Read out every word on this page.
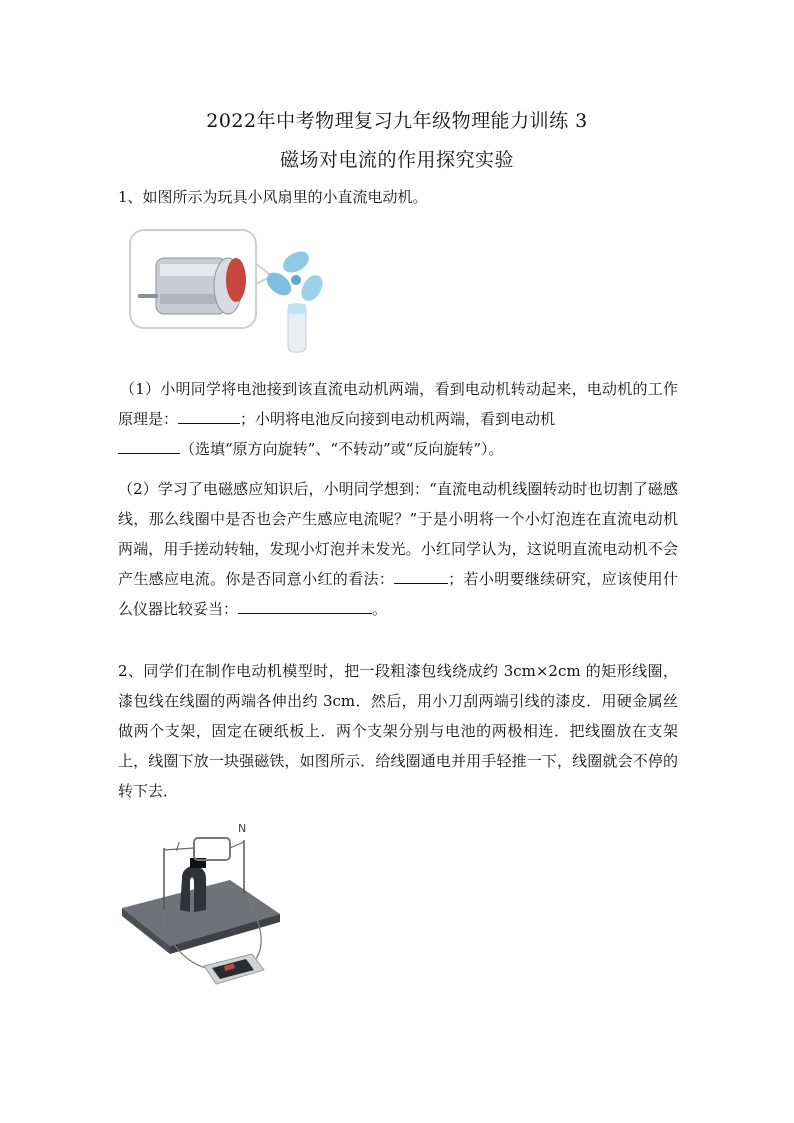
2022年中考物理复习九年级物理能力训练 3
磁场对电流的作用探究实验
1、如图所示为玩具小风扇里的小直流电动机。
（1）小明同学将电池接到该直流电动机两端，看到电动机转动起来，电动机的工作原理是：	；小明将电池反向接到电动机两端，看到电动机
（选填“原方向旋转”、“不转动”或“反向旋转”）。
（2）学习了电磁感应知识后，小明同学想到：“直流电动机线圈转动时也切割了磁感线，那么线圈中是否也会产生感应电流呢？”于是小明将一个小灯泡连在直流电动机两端，用手搓动转轴，发现小灯泡并未发光。小红同学认为，这说明直流电动机不会产生感应电流。你是否同意小红的看法：	；若小明要继续研究，应该使用什么仪器比较妥当：	。
2、同学们在制作电动机模型时，把一段粗漆包线绕成约 3cm×2cm 的矩形线圈，漆包线在线圈的两端各伸出约 3cm．然后，用小刀刮两端引线的漆皮．用硬金属丝做两个支架，固定在硬纸板上．两个支架分别与电池的两极相连．把线圈放在支架上，线圈下放一块强磁铁，如图所示．给线圈通电并用手轻推一下，线圈就会不停的转下去．
/
N
